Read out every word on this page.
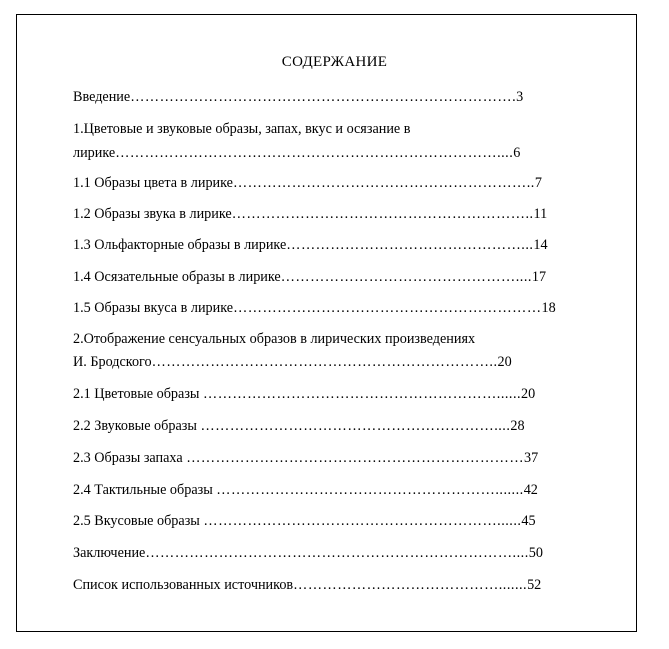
СОДЕРЖАНИЕ
Введение…………………………………………………………………….3
1.Цветовые и звуковые образы, запах, вкус и осязание в
лирике……………………………………………………………………....6
1.1 Образы цвета в лирике……………………………………………………..7
1.2 Образы звука в лирике……………………………………………………..11
1.3 Ольфакторные образы в лирике…………………………………………...14
1.4 Осязательные образы в лирике…………………………………………....17
1.5 Образы вкуса в лирике………………………………………………………18
2.Отображение сенсуальных образов в лирических произведениях
И. Бродского……………………………………………………………..20
2.1 Цветовые образы ……………………………………………………......20
2.2 Звуковые образы ……………………………………………………....28
2.3 Образы запаха ……………………………………………………………37
2.4 Тактильные образы ………………………………………………….......42
2.5 Вкусовые образы ……………………………………………………......45
Заключение…………………………………………………………………....50
Список использованных источников…………………………………….......52
